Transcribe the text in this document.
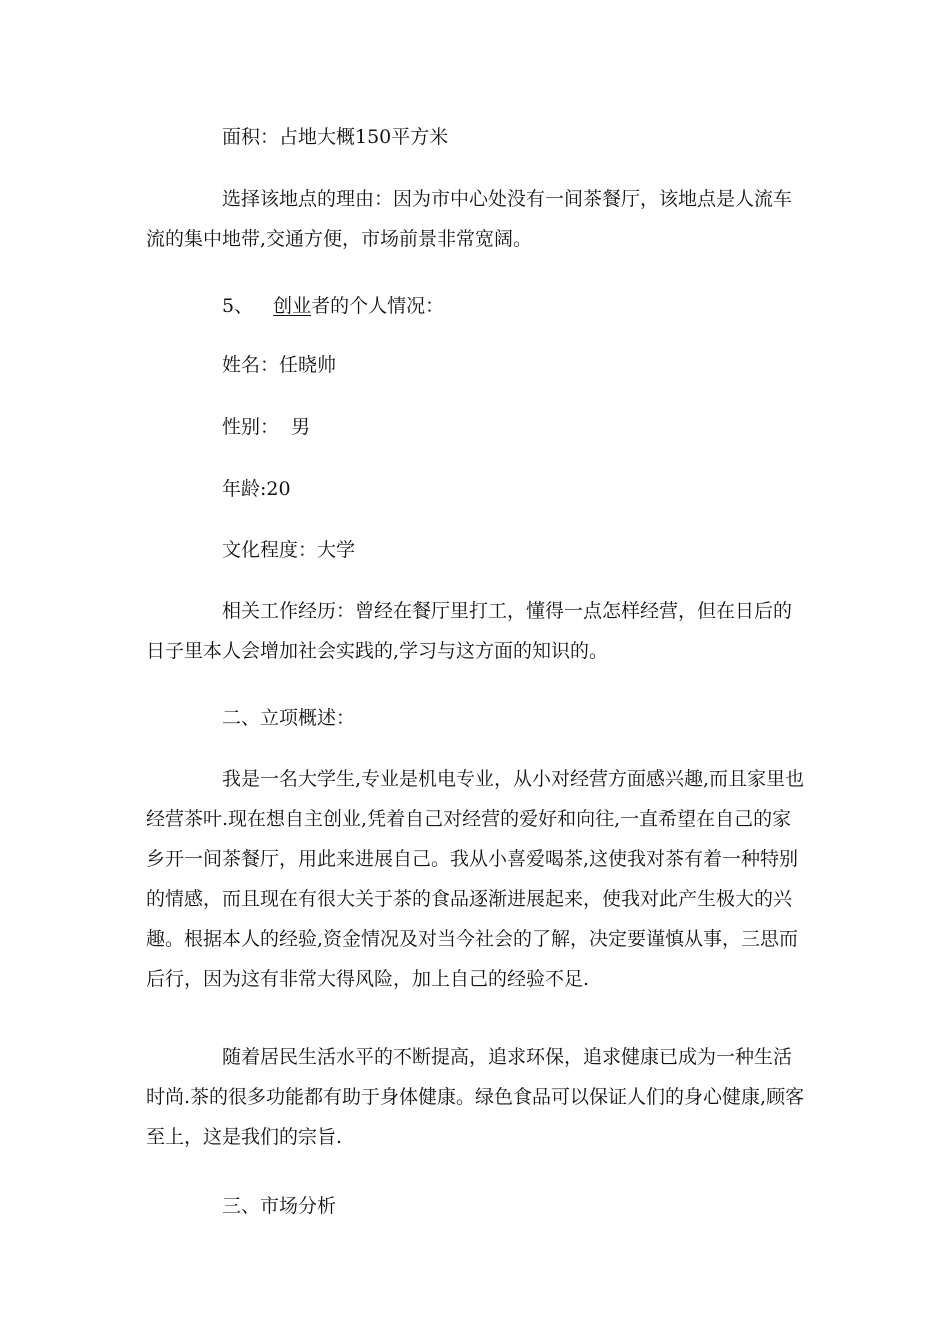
面积：占地大概150平方米

选择该地点的理由：因为市中心处没有一间茶餐厅，该地点是人流车流的集中地带,交通方便，市场前景非常宽阔。

5、 创业者的个人情况：

姓名：任晓帅

性别：  男

年龄:20

文化程度：大学

相关工作经历：曾经在餐厅里打工，懂得一点怎样经营，但在日后的日子里本人会增加社会实践的,学习与这方面的知识的。

二、立项概述：

我是一名大学生,专业是机电专业，从小对经营方面感兴趣,而且家里也经营茶叶.现在想自主创业,凭着自己对经营的爱好和向往,一直希望在自己的家乡开一间茶餐厅，用此来进展自己。我从小喜爱喝茶,这使我对茶有着一种特别的情感，而且现在有很大关于茶的食品逐渐进展起来，使我对此产生极大的兴趣。根据本人的经验,资金情况及对当今社会的了解，决定要谨慎从事，三思而后行，因为这有非常大得风险，加上自己的经验不足.

随着居民生活水平的不断提高，追求环保，追求健康已成为一种生活时尚.茶的很多功能都有助于身体健康。绿色食品可以保证人们的身心健康,顾客至上，这是我们的宗旨.

三、市场分析
